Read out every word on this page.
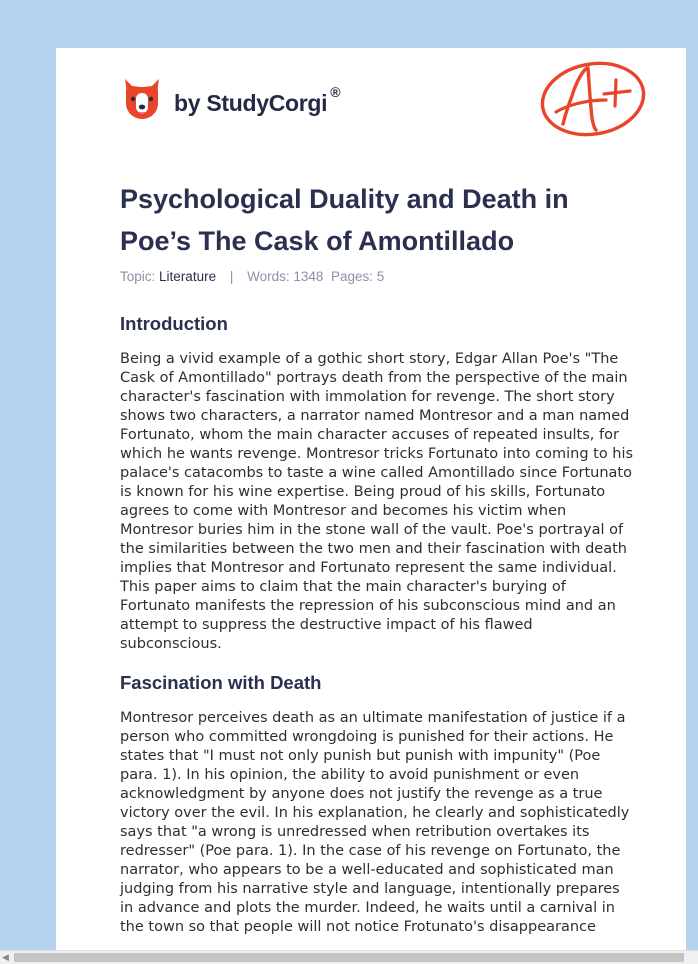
by StudyCorgi ®
Psychological Duality and Death in Poe’s The Cask of Amontillado

Topic: Literature | Words: 1348 Pages: 5

Introduction

Being a vivid example of a gothic short story, Edgar Allan Poe's "The Cask of Amontillado" portrays death from the perspective of the main character's fascination with immolation for revenge. The short story shows two characters, a narrator named Montresor and a man named Fortunato, whom the main character accuses of repeated insults, for which he wants revenge. Montresor tricks Fortunato into coming to his palace's catacombs to taste a wine called Amontillado since Fortunato is known for his wine expertise. Being proud of his skills, Fortunato agrees to come with Montresor and becomes his victim when Montresor buries him in the stone wall of the vault. Poe's portrayal of the similarities between the two men and their fascination with death implies that Montresor and Fortunato represent the same individual. This paper aims to claim that the main character's burying of Fortunato manifests the repression of his subconscious mind and an attempt to suppress the destructive impact of his flawed subconscious.

Fascination with Death

Montresor perceives death as an ultimate manifestation of justice if a person who committed wrongdoing is punished for their actions. He states that "I must not only punish but punish with impunity" (Poe para. 1). In his opinion, the ability to avoid punishment or even acknowledgment by anyone does not justify the revenge as a true victory over the evil. In his explanation, he clearly and sophisticatedly says that "a wrong is unredressed when retribution overtakes its redresser" (Poe para. 1). In the case of his revenge on Fortunato, the narrator, who appears to be a well-educated and sophisticated man judging from his narrative style and language, intentionally prepares in advance and plots the murder. Indeed, he waits until a carnival in the town so that people will not notice Frotunato's disappearance

◀
